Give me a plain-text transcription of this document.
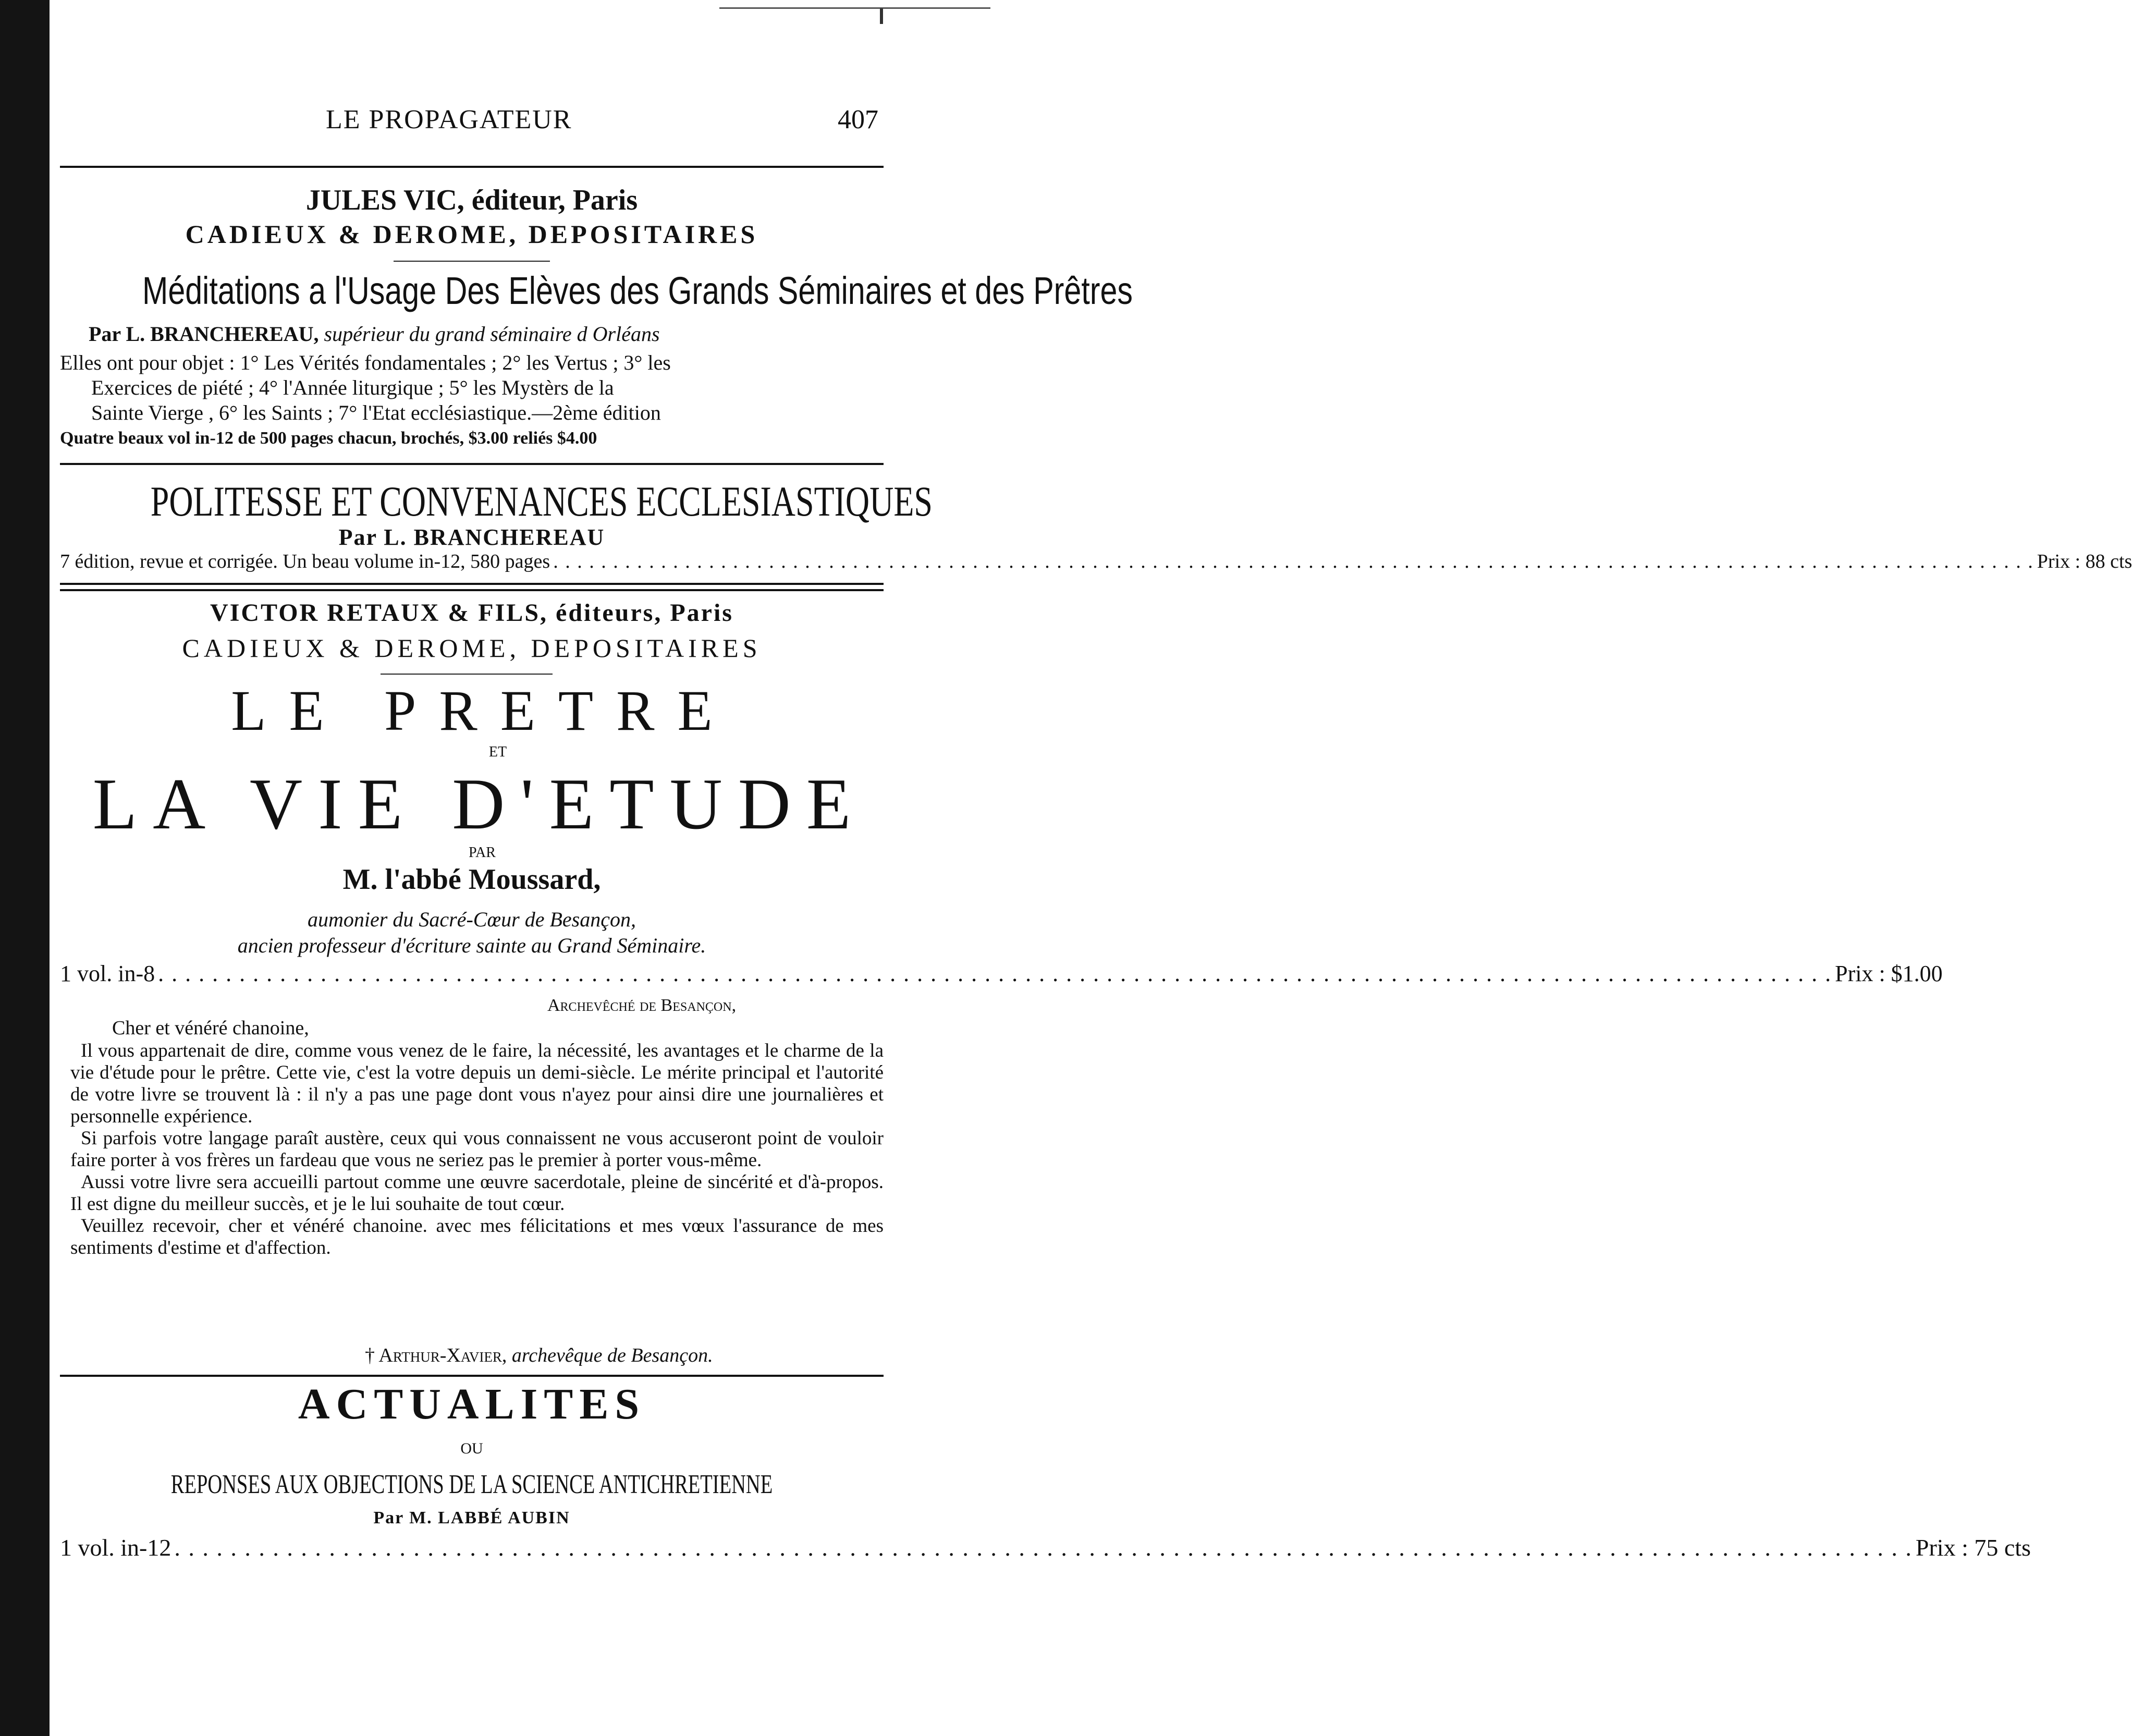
LE PROPAGATEUR	407
JULES VIC, éditeur, Paris
CADIEUX & DEROME, DEPOSITAIRES
Méditations a l'Usage Des Elèves des Grands Séminaires et des Prêtres
Par L. BRANCHEREAU, supérieur du grand séminaire d Orléans
Elles ont pour objet : 1° Les Vérités fondamentales ; 2° les Vertus ; 3° les
Exercices de piété ; 4° l'Année liturgique ; 5° les Mystèrs de la
Sainte Vierge , 6° les Saints ; 7° l'Etat ecclésiastique.—2ème édition
Quatre beaux vol in-12 de 500 pages chacun, brochés, $3.00 reliés $4.00
POLITESSE ET CONVENANCES ECCLESIASTIQUES
Par L. BRANCHEREAU
7 édition, revue et corrigée. Un beau volume in-12, 580 pages . . .	Prix : 88 cts
VICTOR RETAUX & FILS, éditeurs, Paris
CADIEUX & DEROME, DEPOSITAIRES
LE PRETRE
ET
LA VIE D'ETUDE
PAR
M. l'abbé Moussard,
aumonier du Sacré-Cœur de Besançon,
ancien professeur d'écriture sainte au Grand Séminaire.
1 vol. in-8 . . .	Prix : $1.00
Archevêché de Besançon,
Cher et vénéré chanoine,

Il vous appartenait de dire, comme vous venez de le faire, la nécessité, les avantages et le charme de la vie d'étude pour le prêtre. Cette vie, c'est la votre depuis un demi-siècle. Le mérite principal et l'autorité de votre livre se trouvent là : il n'y a pas une page dont vous n'ayez pour ainsi dire une journalières et personnelle expérience.

Si parfois votre langage paraît austère, ceux qui vous connaissent ne vous accuseront point de vouloir faire porter à vos frères un fardeau que vous ne seriez pas le premier à porter vous-même.

Aussi votre livre sera accueilli partout comme une œuvre sacerdotale, pleine de sincérité et d'à-propos. Il est digne du meilleur succès, et je le lui souhaite de tout cœur.

Veuillez recevoir, cher et vénéré chanoine. avec mes félicitations et mes vœux l'assurance de mes sentiments d'estime et d'affection.

† Arthur-Xavier, archevêque de Besançon.
ACTUALITES
OU
REPONSES AUX OBJECTIONS DE LA SCIENCE ANTICHRETIENNE
Par M. LABBÉ AUBIN
1 vol. in-12 . . .	Prix : 75 cts
